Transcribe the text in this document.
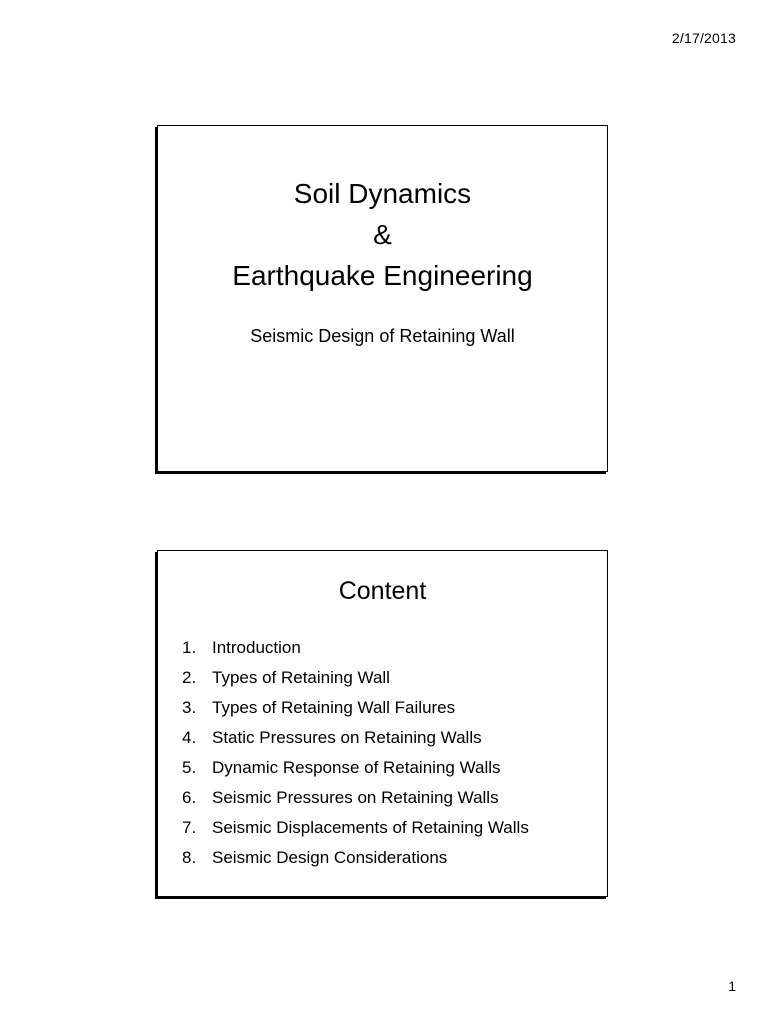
2/17/2013
Soil Dynamics
&
Earthquake Engineering
Seismic Design of Retaining Wall
Content
1. Introduction
2. Types of Retaining Wall
3. Types of Retaining Wall Failures
4. Static Pressures on Retaining Walls
5. Dynamic Response of Retaining Walls
6. Seismic Pressures on Retaining Walls
7. Seismic Displacements of Retaining Walls
8. Seismic Design Considerations
1
